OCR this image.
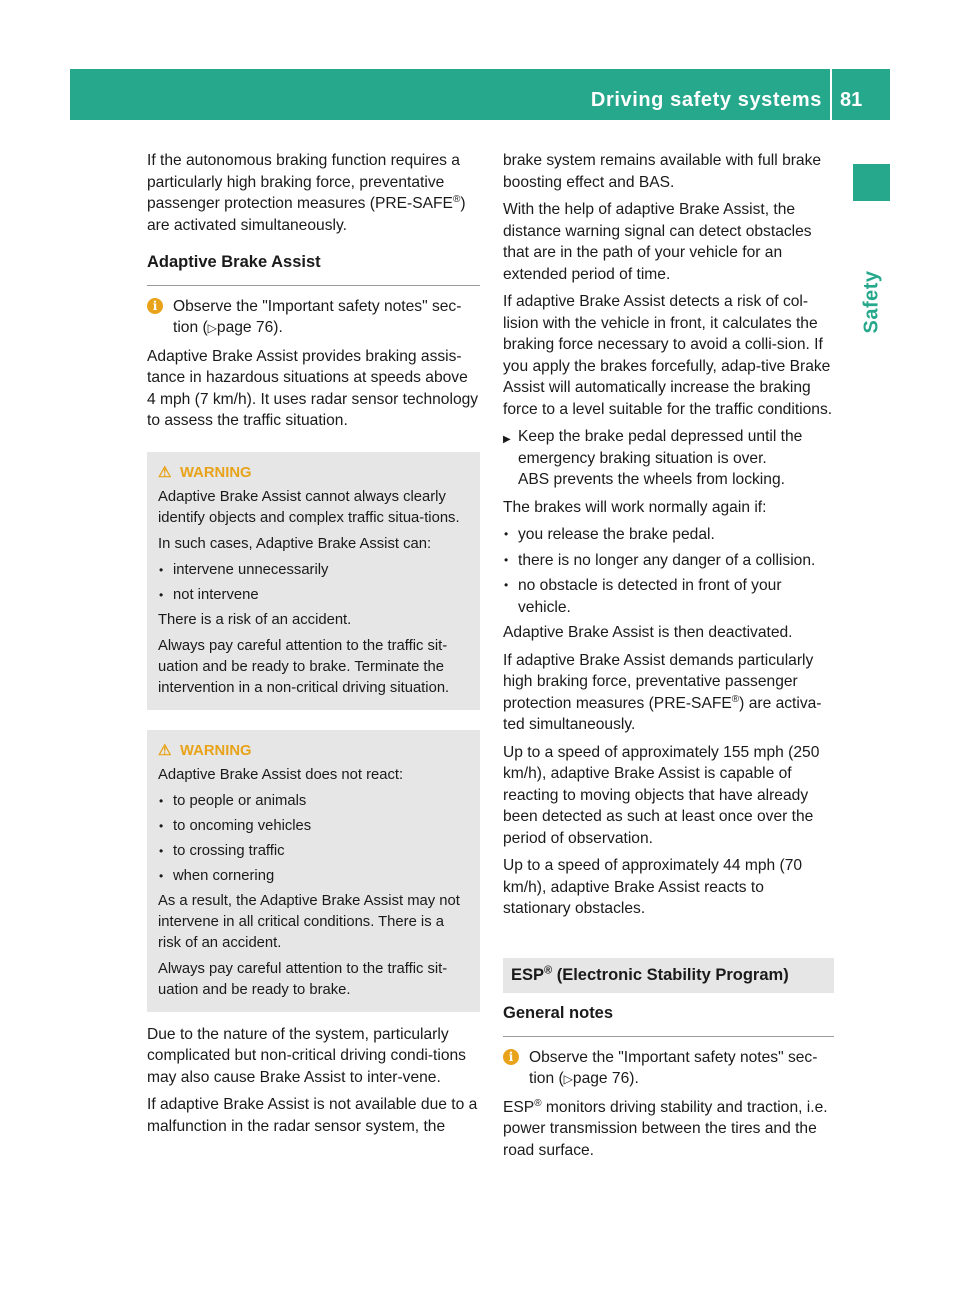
Driving safety systems 81
Safety

If the autonomous braking function requires a particularly high braking force, preventative passenger protection measures (PRE-SAFE®) are activated simultaneously.

Adaptive Brake Assist
i	Observe the "Important safety notes" sec-tion (▷page 76).

Adaptive Brake Assist provides braking assis-tance in hazardous situations at speeds above 4 mph (7 km/h). It uses radar sensor technology to assess the traffic situation.

⚠ WARNING

Adaptive Brake Assist cannot always clearly identify objects and complex traffic situa-tions.

In such cases, Adaptive Brake Assist can:

• intervene unnecessarily
• not intervene

There is a risk of an accident.

Always pay careful attention to the traffic sit-uation and be ready to brake. Terminate the intervention in a non-critical driving situation.

⚠ WARNING

Adaptive Brake Assist does not react:

• to people or animals
• to oncoming vehicles
• to crossing traffic
• when cornering

As a result, the Adaptive Brake Assist may not intervene in all critical conditions. There is a risk of an accident.

Always pay careful attention to the traffic sit-uation and be ready to brake.

Due to the nature of the system, particularly complicated but non-critical driving condi-tions may also cause Brake Assist to inter-vene.

If adaptive Brake Assist is not available due to a malfunction in the radar sensor system, the

brake system remains available with full brake boosting effect and BAS.

With the help of adaptive Brake Assist, the distance warning signal can detect obstacles that are in the path of your vehicle for an extended period of time.

If adaptive Brake Assist detects a risk of col-lision with the vehicle in front, it calculates the braking force necessary to avoid a colli-sion. If you apply the brakes forcefully, adap-tive Brake Assist will automatically increase the braking force to a level suitable for the traffic conditions.

▶ Keep the brake pedal depressed until the emergency braking situation is over.
ABS prevents the wheels from locking.

The brakes will work normally again if:

• you release the brake pedal.
• there is no longer any danger of a collision.
• no obstacle is detected in front of your vehicle.

Adaptive Brake Assist is then deactivated.

If adaptive Brake Assist demands particularly high braking force, preventative passenger protection measures (PRE-SAFE®) are activa-ted simultaneously.

Up to a speed of approximately 155 mph (250 km/h), adaptive Brake Assist is capable of reacting to moving objects that have already been detected as such at least once over the period of observation.

Up to a speed of approximately 44 mph (70 km/h), adaptive Brake Assist reacts to stationary obstacles.

ESP® (Electronic Stability Program)
General notes
i	Observe the "Important safety notes" sec-tion (▷page 76).

ESP® monitors driving stability and traction, i.e. power transmission between the tires and the road surface.
